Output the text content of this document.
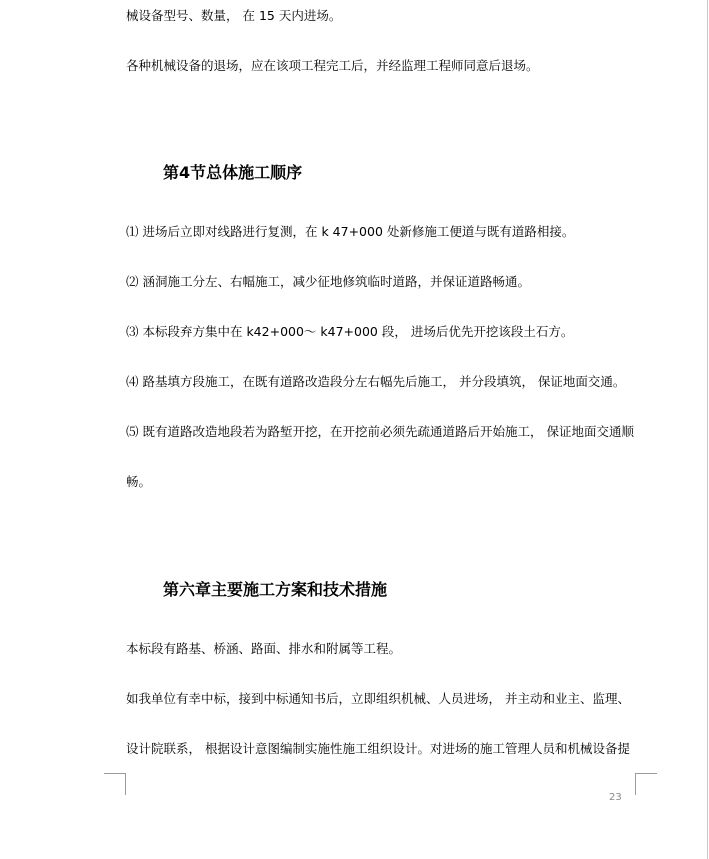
械设备型号、数量， 在 15 天内进场。
各种机械设备的退场，应在该项工程完工后，并经监理工程师同意后退场。
第4节总体施工顺序
⑴ 进场后立即对线路进行复测，在 k 47+000 处新修施工便道与既有道路相接。
⑵ 涵洞施工分左、右幅施工，减少征地修筑临时道路，并保证道路畅通。
⑶ 本标段弃方集中在 k42+000～ k47+000 段， 进场后优先开挖该段土石方。
⑷ 路基填方段施工，在既有道路改造段分左右幅先后施工， 并分段填筑， 保证地面交通。
⑸ 既有道路改造地段若为路堑开挖，在开挖前必须先疏通道路后开始施工， 保证地面交通顺
畅。
第六章主要施工方案和技术措施
本标段有路基、桥涵、路面、排水和附属等工程。
如我单位有幸中标，接到中标通知书后，立即组织机械、人员进场， 并主动和业主、监理、
设计院联系， 根据设计意图编制实施性施工组织设计。对进场的施工管理人员和机械设备提
23
